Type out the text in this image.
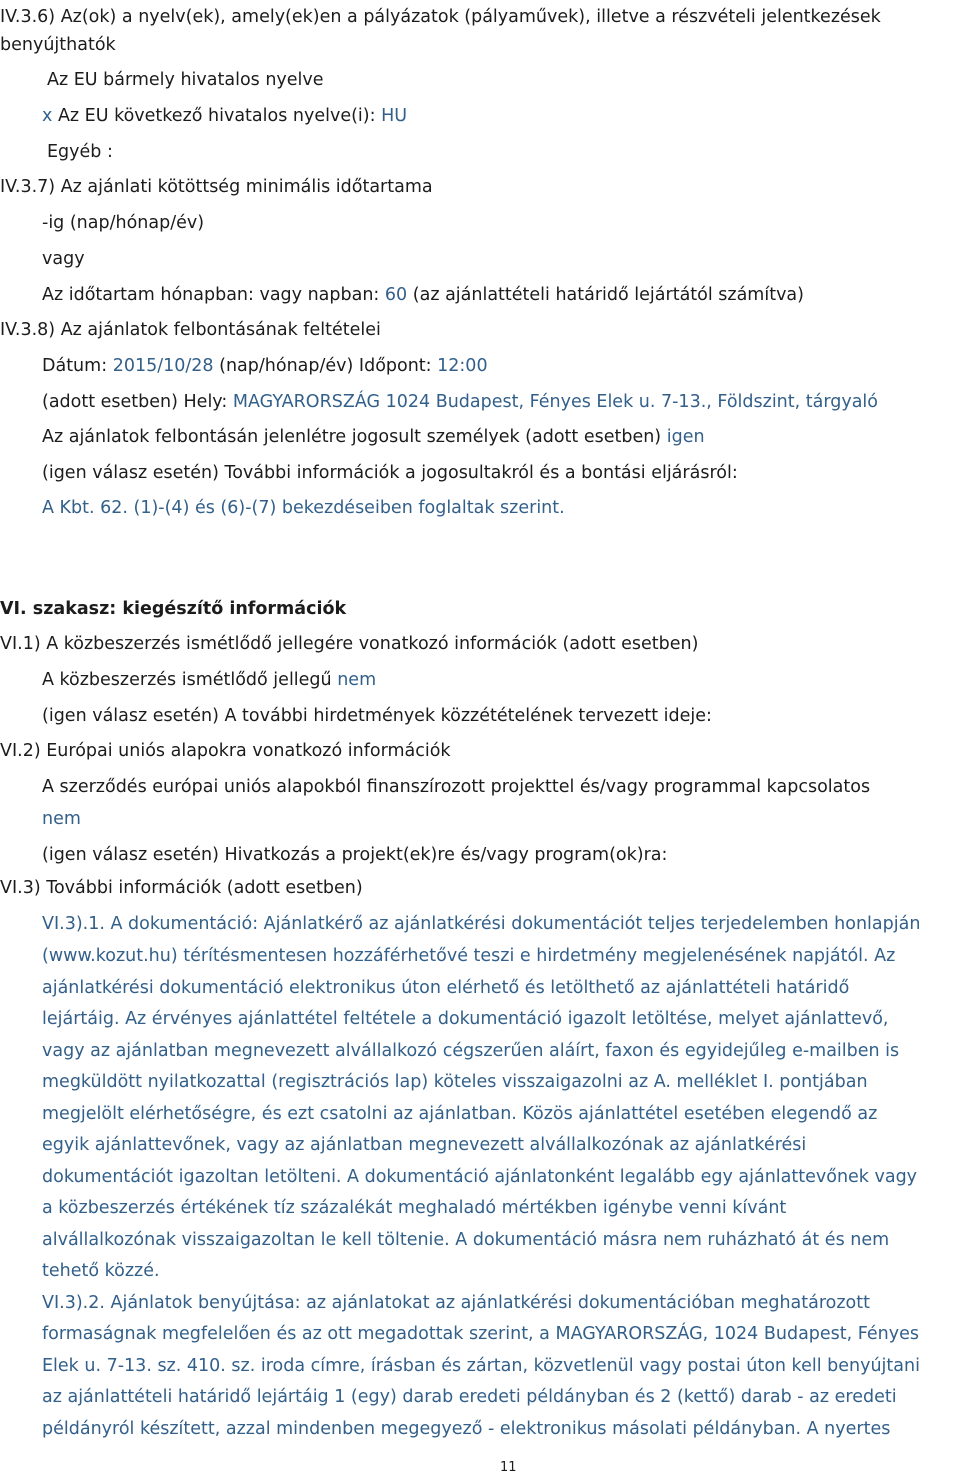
IV.3.6) Az(ok) a nyelv(ek), amely(ek)en a pályázatok (pályaművek), illetve a részvételi jelentkezések
benyújthatók
Az EU bármely hivatalos nyelve
x Az EU következő hivatalos nyelve(i): HU
Egyéb :
IV.3.7) Az ajánlati kötöttség minimális időtartama
-ig (nap/hónap/év)
vagy
Az időtartam hónapban: vagy napban: 60 (az ajánlattételi határidő lejártától számítva)
IV.3.8) Az ajánlatok felbontásának feltételei
Dátum: 2015/10/28 (nap/hónap/év) Időpont: 12:00
(adott esetben) Hely: MAGYARORSZÁG 1024 Budapest, Fényes Elek u. 7-13., Földszint, tárgyaló
Az ajánlatok felbontásán jelenlétre jogosult személyek (adott esetben) igen
(igen válasz esetén) További információk a jogosultakról és a bontási eljárásról:
A Kbt. 62. (1)-(4) és (6)-(7) bekezdéseiben foglaltak szerint.
VI. szakasz: kiegészítő információk
VI.1) A közbeszerzés ismétlődő jellegére vonatkozó információk (adott esetben)
A közbeszerzés ismétlődő jellegű nem
(igen válasz esetén) A további hirdetmények közzétételének tervezett ideje:
VI.2) Európai uniós alapokra vonatkozó információk
A szerződés európai uniós alapokból finanszírozott projekttel és/vagy programmal kapcsolatos
nem
(igen válasz esetén) Hivatkozás a projekt(ek)re és/vagy program(ok)ra:
VI.3) További információk (adott esetben)
VI.3).1. A dokumentáció: Ajánlatkérő az ajánlatkérési dokumentációt teljes terjedelemben honlapján
(www.kozut.hu) térítésmentesen hozzáférhetővé teszi e hirdetmény megjelenésének napjától. Az
ajánlatkérési dokumentáció elektronikus úton elérhető és letölthető az ajánlattételi határidő
lejártáig. Az érvényes ajánlattétel feltétele a dokumentáció igazolt letöltése, melyet ajánlattevő,
vagy az ajánlatban megnevezett alvállalkozó cégszerűen aláírt, faxon és egyidejűleg e-mailben is
megküldött nyilatkozattal (regisztrációs lap) köteles visszaigazolni az A. melléklet I. pontjában
megjelölt elérhetőségre, és ezt csatolni az ajánlatban. Közös ajánlattétel esetében elegendő az
egyik ajánlattevőnek, vagy az ajánlatban megnevezett alvállalkozónak az ajánlatkérési
dokumentációt igazoltan letölteni. A dokumentáció ajánlatonként legalább egy ajánlattevőnek vagy
a közbeszerzés értékének tíz százalékát meghaladó mértékben igénybe venni kívánt
alvállalkozónak visszaigazoltan le kell töltenie. A dokumentáció másra nem ruházható át és nem
tehető közzé.
VI.3).2. Ajánlatok benyújtása: az ajánlatokat az ajánlatkérési dokumentációban meghatározott
formaságnak megfelelően és az ott megadottak szerint, a MAGYARORSZÁG, 1024 Budapest, Fényes
Elek u. 7-13. sz. 410. sz. iroda címre, írásban és zártan, közvetlenül vagy postai úton kell benyújtani
az ajánlattételi határidő lejártáig 1 (egy) darab eredeti példányban és 2 (kettő) darab - az eredeti
példányról készített, azzal mindenben megegyező - elektronikus másolati példányban. A nyertes
11
